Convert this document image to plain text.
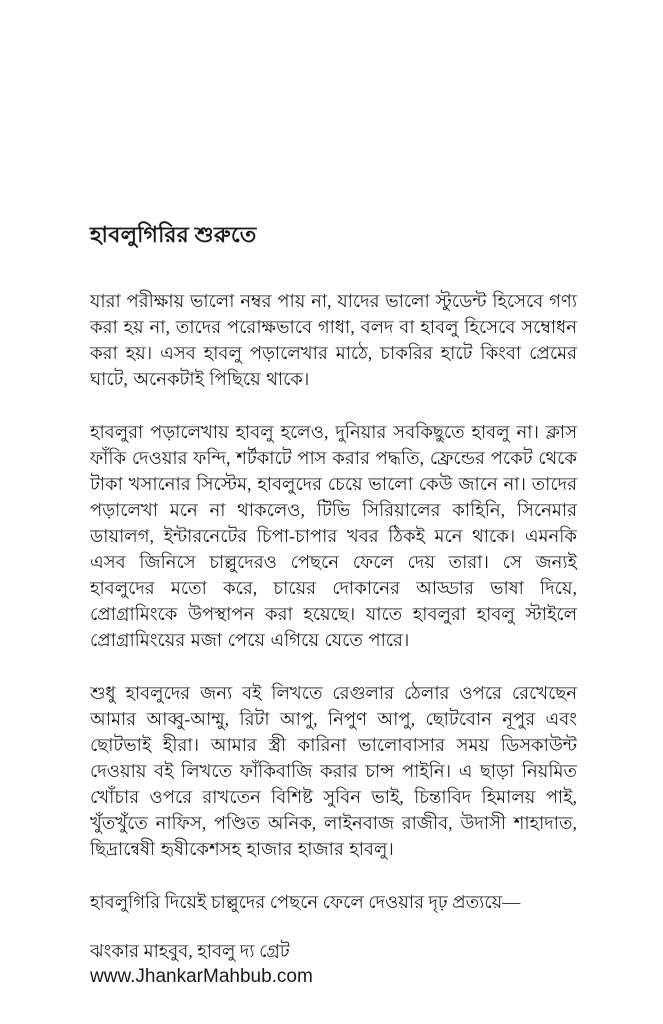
হাবলুগিরির শুরুতে

যারা পরীক্ষায় ভালো নম্বর পায় না, যাদের ভালো স্টুডেন্ট হিসেবে গণ্য করা হয় না, তাদের পরোক্ষভাবে গাধা, বলদ বা হাবলু হিসেবে সম্বোধন করা হয়। এসব হাবলু পড়ালেখার মাঠে, চাকরির হাটে কিংবা প্রেমের ঘাটে, অনেকটাই পিছিয়ে থাকে।

হাবলুরা পড়ালেখায় হাবলু হলেও, দুনিয়ার সবকিছুতে হাবলু না। ক্লাস ফাঁকি দেওয়ার ফন্দি, শর্টকাটে পাস করার পদ্ধতি, ফ্রেন্ডের পকেট থেকে টাকা খসানোর সিস্টেম, হাবলুদের চেয়ে ভালো কেউ জানে না। তাদের পড়ালেখা মনে না থাকলেও, টিভি সিরিয়ালের কাহিনি, সিনেমার ডায়ালগ, ইন্টারনেটের চিপা-চাপার খবর ঠিকই মনে থাকে। এমনকি এসব জিনিসে চাল্লুদেরও পেছনে ফেলে দেয় তারা। সে জন্যই হাবলুদের মতো করে, চায়ের দোকানের আড্ডার ভাষা দিয়ে, প্রোগ্রামিংকে উপস্থাপন করা হয়েছে। যাতে হাবলুরা হাবলু স্টাইলে প্রোগ্রামিংয়ের মজা পেয়ে এগিয়ে যেতে পারে।

শুধু হাবলুদের জন্য বই লিখতে রেগুলার ঠেলার ওপরে রেখেছেন আমার আব্বু-আম্মু, রিটা আপু, নিপুণ আপু, ছোটবোন নূপুর এবং ছোটভাই হীরা। আমার স্ত্রী কারিনা ভালোবাসার সময় ডিসকাউন্ট দেওয়ায় বই লিখতে ফাঁকিবাজি করার চান্স পাইনি। এ ছাড়া নিয়মিত খোঁচার ওপরে রাখতেন বিশিষ্ট সুবিন ভাই, চিন্তাবিদ হিমালয় পাই, খুঁতখুঁতে নাফিস, পণ্ডিত অনিক, লাইনবাজ রাজীব, উদাসী শাহাদাত, ছিদ্রান্বেষী হৃষীকেশসহ হাজার হাজার হাবলু।

হাবলুগিরি দিয়েই চাল্লুদের পেছনে ফেলে দেওয়ার দৃঢ় প্রত্যয়ে—

ঝংকার মাহবুব, হাবলু দ্য গ্রেট

www.JhankarMahbub.com
